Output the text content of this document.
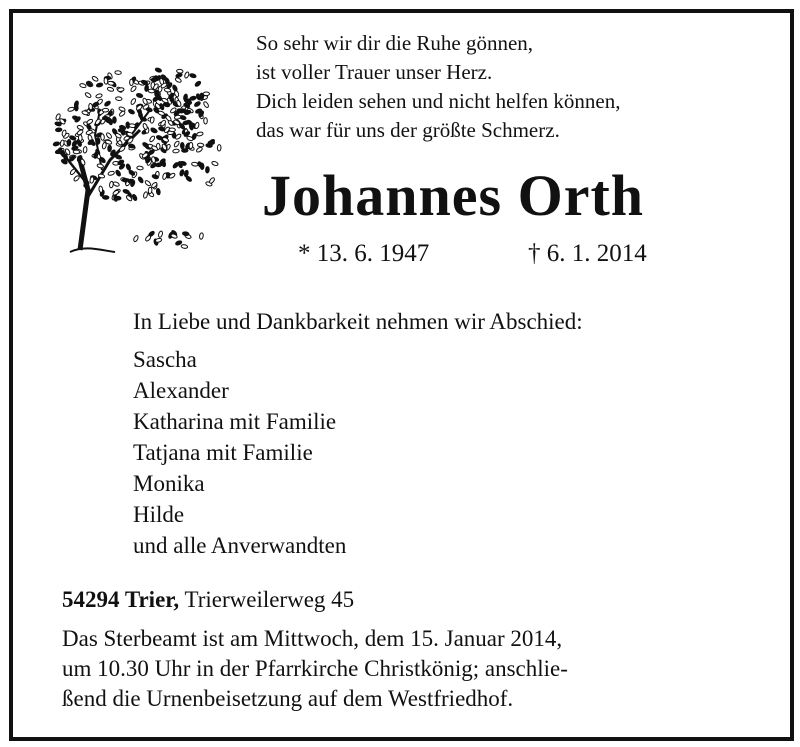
So sehr wir dir die Ruhe gönnen,
ist voller Trauer unser Herz.
Dich leiden sehen und nicht helfen können,
das war für uns der größte Schmerz.
Johannes Orth
* 13. 6. 1947	† 6. 1. 2014
In Liebe und Dankbarkeit nehmen wir Abschied:
Sascha
Alexander
Katharina mit Familie
Tatjana mit Familie
Monika
Hilde
und alle Anverwandten
54294 Trier, Trierweilerweg 45
Das Sterbeamt ist am Mittwoch, dem 15. Januar 2014,
um 10.30 Uhr in der Pfarrkirche Christkönig; anschlie-
ßend die Urnenbeisetzung auf dem Westfriedhof.
